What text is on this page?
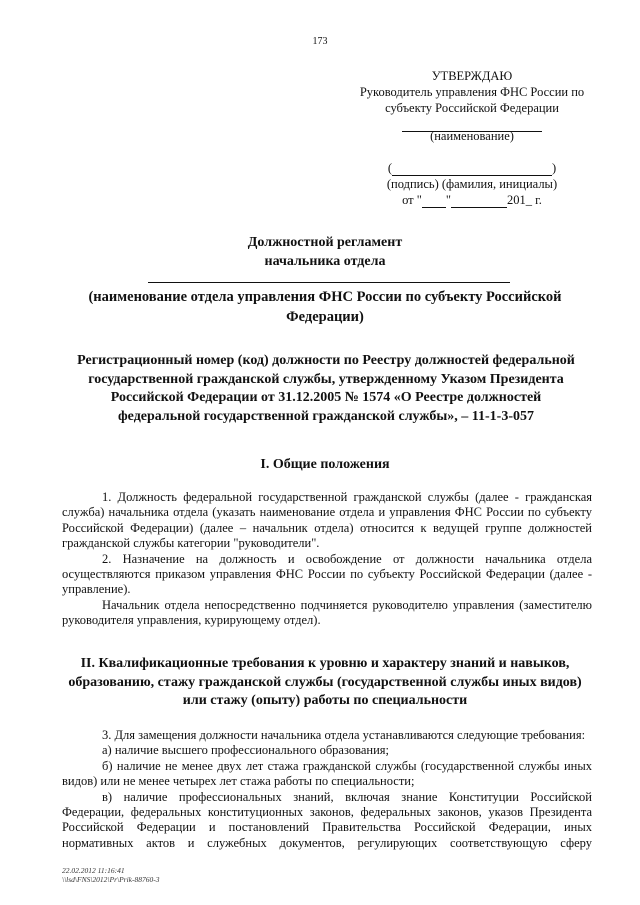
173
УТВЕРЖДАЮ
Руководитель управления ФНС России по
субъекту Российской Федерации
(наименование)
(	)
(подпись) (фамилия, инициалы)
от " "	201_ г.
Должностной регламент
начальника отдела
(наименование отдела управления ФНС России по субъекту Российской Федерации)
Регистрационный номер (код) должности по Реестру должностей федеральной государственной гражданской службы, утвержденному Указом Президента Российской Федерации от 31.12.2005 № 1574 «О Реестре должностей федеральной государственной гражданской службы», – 11-1-3-057
I. Общие положения

1. Должность федеральной государственной гражданской службы (далее - гражданская служба) начальника отдела (указать наименование отдела и управления ФНС России по субъекту Российской Федерации) (далее – начальник отдела) относится к ведущей группе должностей гражданской службы категории "руководители".

2. Назначение на должность и освобождение от должности начальника отдела осуществляются приказом управления ФНС России по субъекту Российской Федерации (далее - управление).

Начальник отдела непосредственно подчиняется руководителю управления (заместителю руководителя управления, курирующему отдел).

II. Квалификационные требования к уровню и характеру знаний и навыков, образованию, стажу гражданской службы (государственной службы иных видов) или стажу (опыту) работы по специальности

3. Для замещения должности начальника отдела устанавливаются следующие требования:

а) наличие высшего профессионального образования;

б) наличие не менее двух лет стажа гражданской службы (государственной службы иных видов) или не менее четырех лет стажа работы по специальности;

в) наличие профессиональных знаний, включая знание Конституции Российской Федерации, федеральных конституционных законов, федеральных законов, указов Президента Российской Федерации и постановлений Правительства Российской Федерации, иных нормативных актов и служебных документов, регулирующих соответствующую сферу

22.02.2012 11:16:41
\\lsd\FNS\2012\Pr\Prik-88760-3
